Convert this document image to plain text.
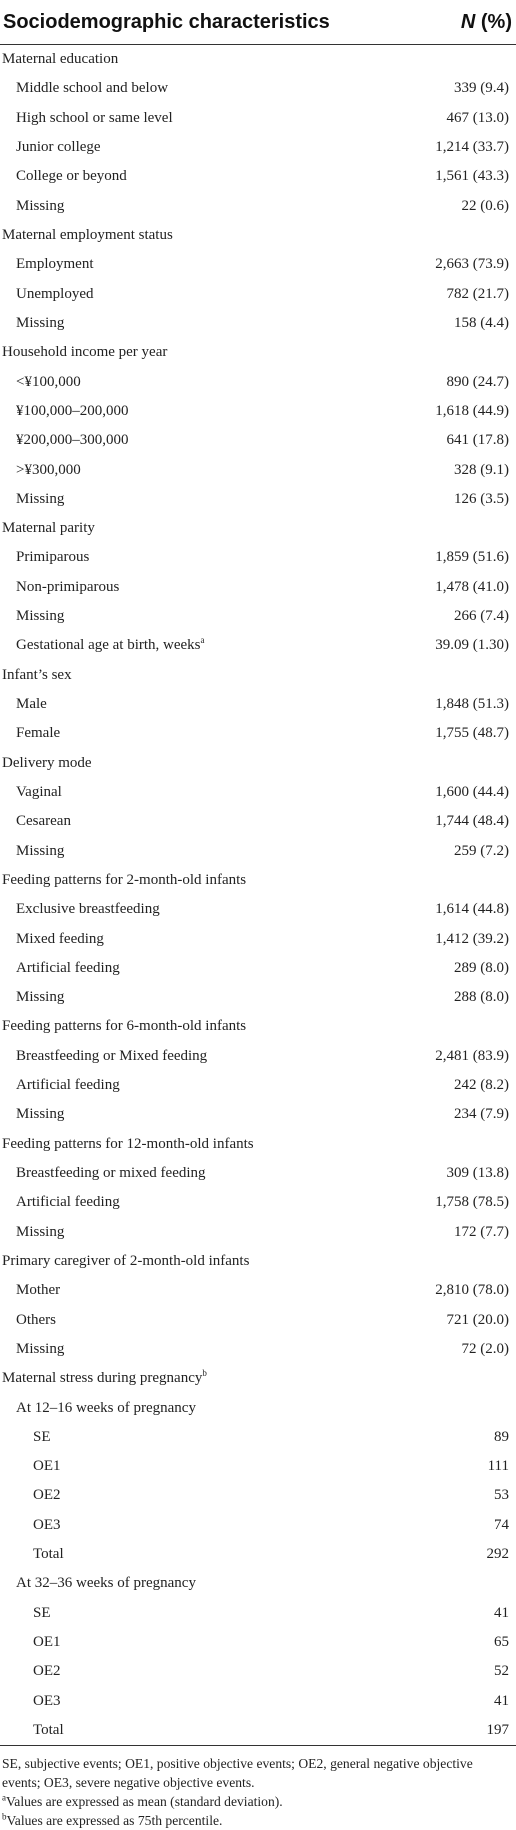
Sociodemographic characteristics	N (%)
Maternal education	
Middle school and below	339 (9.4)
High school or same level	467 (13.0)
Junior college	1,214 (33.7)
College or beyond	1,561 (43.3)
Missing	22 (0.6)
Maternal employment status	
Employment	2,663 (73.9)
Unemployed	782 (21.7)
Missing	158 (4.4)
Household income per year	
<¥100,000	890 (24.7)
¥100,000–200,000	1,618 (44.9)
¥200,000–300,000	641 (17.8)
>¥300,000	328 (9.1)
Missing	126 (3.5)
Maternal parity	
Primiparous	1,859 (51.6)
Non-primiparous	1,478 (41.0)
Missing	266 (7.4)
Gestational age at birth, weeks$^a$	39.09 (1.30)
Infant’s sex	
Male	1,848 (51.3)
Female	1,755 (48.7)
Delivery mode	
Vaginal	1,600 (44.4)
Cesarean	1,744 (48.4)
Missing	259 (7.2)
Feeding patterns for 2-month-old infants	
Exclusive breastfeeding	1,614 (44.8)
Mixed feeding	1,412 (39.2)
Artificial feeding	289 (8.0)
Missing	288 (8.0)
Feeding patterns for 6-month-old infants	
Breastfeeding or Mixed feeding	2,481 (83.9)
Artificial feeding	242 (8.2)
Missing	234 (7.9)
Feeding patterns for 12-month-old infants	
Breastfeeding or mixed feeding	309 (13.8)
Artificial feeding	1,758 (78.5)
Missing	172 (7.7)
Primary caregiver of 2-month-old infants	
Mother	2,810 (78.0)
Others	721 (20.0)
Missing	72 (2.0)
Maternal stress during pregnancy$^b$	
At 12–16 weeks of pregnancy	
SE	89
OE1	111
OE2	53
OE3	74
Total	292
At 32–36 weeks of pregnancy	
SE	41
OE1	65
OE2	52
OE3	41
Total	197

SE, subjective events; OE1, positive objective events; OE2, general negative objective events; OE3, severe negative objective events.

$^a$Values are expressed as mean (standard deviation).

$^b$Values are expressed as 75th percentile.
